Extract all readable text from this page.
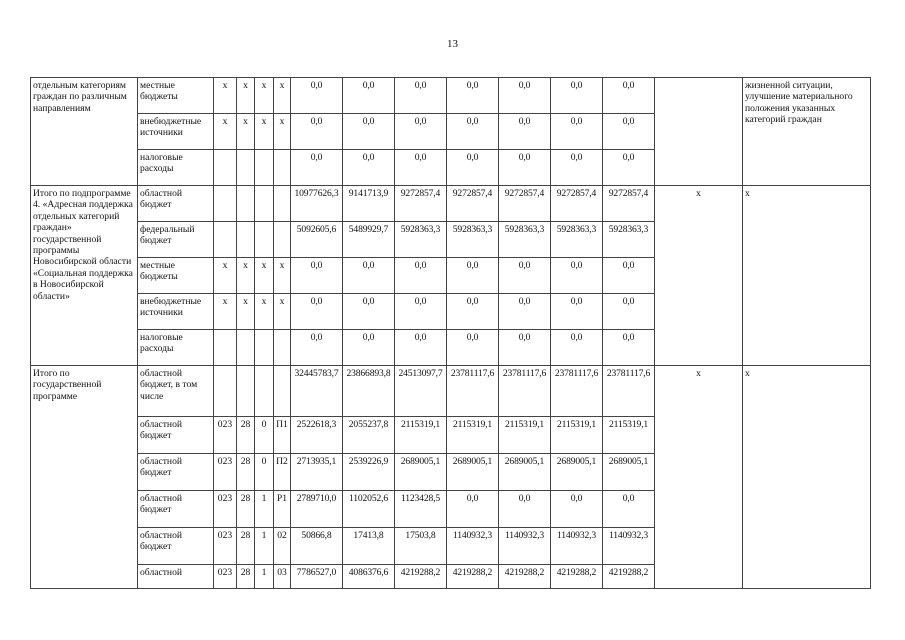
13
отдельным категориям граждан по различным направлениям	местные бюджеты	x	x	x	x	0,0	0,0	0,0	0,0	0,0	0,0	0,0		жизненной ситуации, улучшение материального положения указанных категорий граждан
	внебюджетные источники	x	x	x	x	0,0	0,0	0,0	0,0	0,0	0,0	0,0		
	налоговые расходы					0,0	0,0	0,0	0,0	0,0	0,0	0,0		
Итого по подпрограмме 4. «Адресная поддержка отдельных категорий граждан» государственной программы Новосибирской области «Социальная поддержка в Новосибирской области»	областной бюджет					10977626,3	9141713,9	9272857,4	9272857,4	9272857,4	9272857,4	9272857,4	x	x
	федеральный бюджет					5092605,6	5489929,7	5928363,3	5928363,3	5928363,3	5928363,3	5928363,3		
	местные бюджеты	x	x	x	x	0,0	0,0	0,0	0,0	0,0	0,0	0,0		
	внебюджетные источники	x	x	x	x	0,0	0,0	0,0	0,0	0,0	0,0	0,0		
	налоговые расходы					0,0	0,0	0,0	0,0	0,0	0,0	0,0		
Итого по государственной программе	областной бюджет, в том числе					32445783,7	23866893,8	24513097,7	23781117,6	23781117,6	23781117,6	23781117,6	x	x
	областной бюджет	023	28	0	П1	2522618,3	2055237,8	2115319,1	2115319,1	2115319,1	2115319,1	2115319,1		
	областной бюджет	023	28	0	П2	2713935,1	2539226,9	2689005,1	2689005,1	2689005,1	2689005,1	2689005,1		
	областной бюджет	023	28	1	Р1	2789710,0	1102052,6	1123428,5	0,0	0,0	0,0	0,0		
	областной бюджет	023	28	1	02	50866,8	17413,8	17503,8	1140932,3	1140932,3	1140932,3	1140932,3		
	областной	023	28	1	03	7786527,0	4086376,6	4219288,2	4219288,2	4219288,2	4219288,2	4219288,2		
